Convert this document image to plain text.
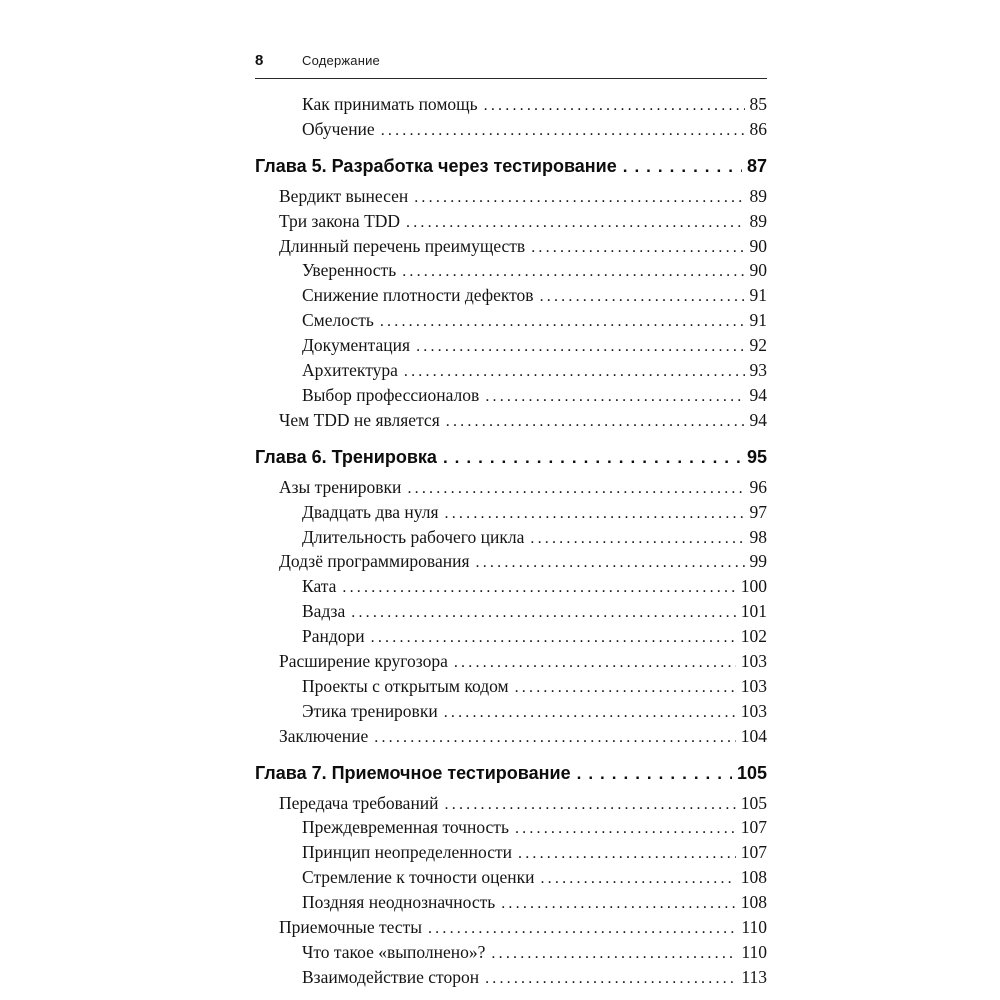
8	Содержание
Как принимать помощь .....	85
Обучение .....	86
Глава 5. Разработка через тестирование .....	87
Вердикт вынесен .....	89
Три закона TDD .....	89
Длинный перечень преимуществ .....	90
Уверенность .....	90
Снижение плотности дефектов .....	91
Смелость .....	91
Документация .....	92
Архитектура .....	93
Выбор профессионалов .....	94
Чем TDD не является .....	94
Глава 6. Тренировка .....	95
Азы тренировки .....	96
Двадцать два нуля .....	97
Длительность рабочего цикла .....	98
Додзё программирования .....	99
Ката .....	100
Вадза .....	101
Рандори .....	102
Расширение кругозора .....	103
Проекты с открытым кодом .....	103
Этика тренировки .....	103
Заключение .....	104
Глава 7. Приемочное тестирование .....	105
Передача требований .....	105
Преждевременная точность .....	107
Принцип неопределенности .....	107
Стремление к точности оценки .....	108
Поздняя неоднозначность .....	108
Приемочные тесты .....	110
Что такое «выполнено»? .....	110
Взаимодействие сторон .....	113
